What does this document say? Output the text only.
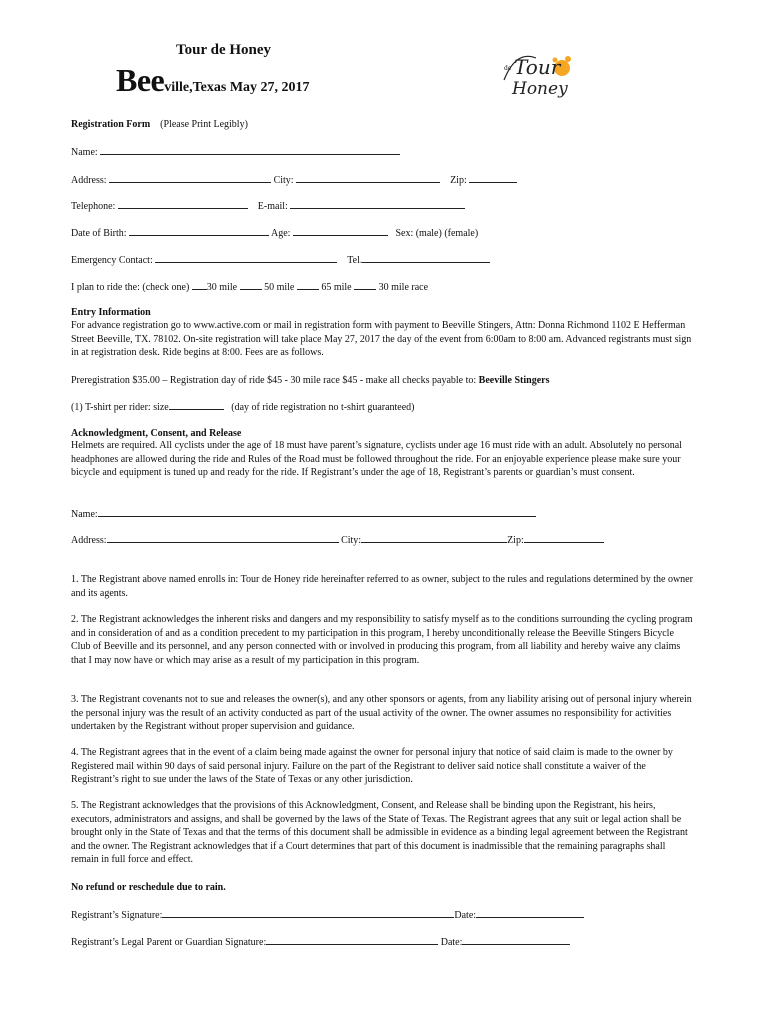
Tour de Honey
Beeville,Texas May 27, 2017
de Tour
Honey
Registration Form (Please Print Legibly)
Name:
Address:	City:	Zip:
Telephone:	E-mail:
Date of Birth:	Age:	Sex: (male) (female)
Emergency Contact:	Tel.
I plan to ride the: (check one) 30 mile	50 mile	65 mile	30 mile race
Entry Information
For advance registration go to www.active.com or mail in registration form with payment to Beeville Stingers, Attn: Donna Richmond 1102 E Hefferman Street Beeville, TX. 78102. On-site registration will take place May 27, 2017 the day of the event from 6:00am to 8:00 am. Advanced registrants must sign in at registration desk. Ride begins at 8:00. Fees are as follows.
Preregistration $35.00 – Registration day of ride $45 - 30 mile race $45 - make all checks payable to: Beeville Stingers
(1) T-shirt per rider: size	(day of ride registration no t-shirt guaranteed)
Acknowledgment, Consent, and Release
Helmets are required. All cyclists under the age of 18 must have parent’s signature, cyclists under age 16 must ride with an adult. Absolutely no personal headphones are allowed during the ride and Rules of the Road must be followed throughout the ride. For an enjoyable experience please make sure your bicycle and equipment is tuned up and ready for the ride. If Registrant’s under the age of 18, Registrant’s parents or guardian’s must consent.
Name:
Address:	City:	Zip:
1. The Registrant above named enrolls in: Tour de Honey ride hereinafter referred to as owner, subject to the rules and regulations determined by the owner and its agents.
2. The Registrant acknowledges the inherent risks and dangers and my responsibility to satisfy myself as to the conditions surrounding the cycling program and in consideration of and as a condition precedent to my participation in this program, I hereby unconditionally release the Beeville Stingers Bicycle Club of Beeville and its personnel, and any person connected with or involved in producing this program, from all liability and hereby waive any claims that I may now have or which may arise as a result of my participation in this program.
3. The Registrant covenants not to sue and releases the owner(s), and any other sponsors or agents, from any liability arising out of personal injury wherein the personal injury was the result of an activity conducted as part of the usual activity of the owner. The owner assumes no responsibility for activities undertaken by the Registrant without proper supervision and guidance.
4. The Registrant agrees that in the event of a claim being made against the owner for personal injury that notice of said claim is made to the owner by Registered mail within 90 days of said personal injury. Failure on the part of the Registrant to deliver said notice shall constitute a waiver of the Registrant’s right to sue under the laws of the State of Texas or any other jurisdiction.
5. The Registrant acknowledges that the provisions of this Acknowledgment, Consent, and Release shall be binding upon the Registrant, his heirs, executors, administrators and assigns, and shall be governed by the laws of the State of Texas. The Registrant agrees that any suit or legal action shall be brought only in the State of Texas and that the terms of this document shall be admissible in evidence as a binding legal agreement between the Registrant and the owner. The Registrant acknowledges that if a Court determines that part of this document is inadmissible that the remaining paragraphs shall remain in full force and effect.
No refund or reschedule due to rain.
Registrant’s Signature:	Date:
Registrant’s Legal Parent or Guardian Signature:	Date:
